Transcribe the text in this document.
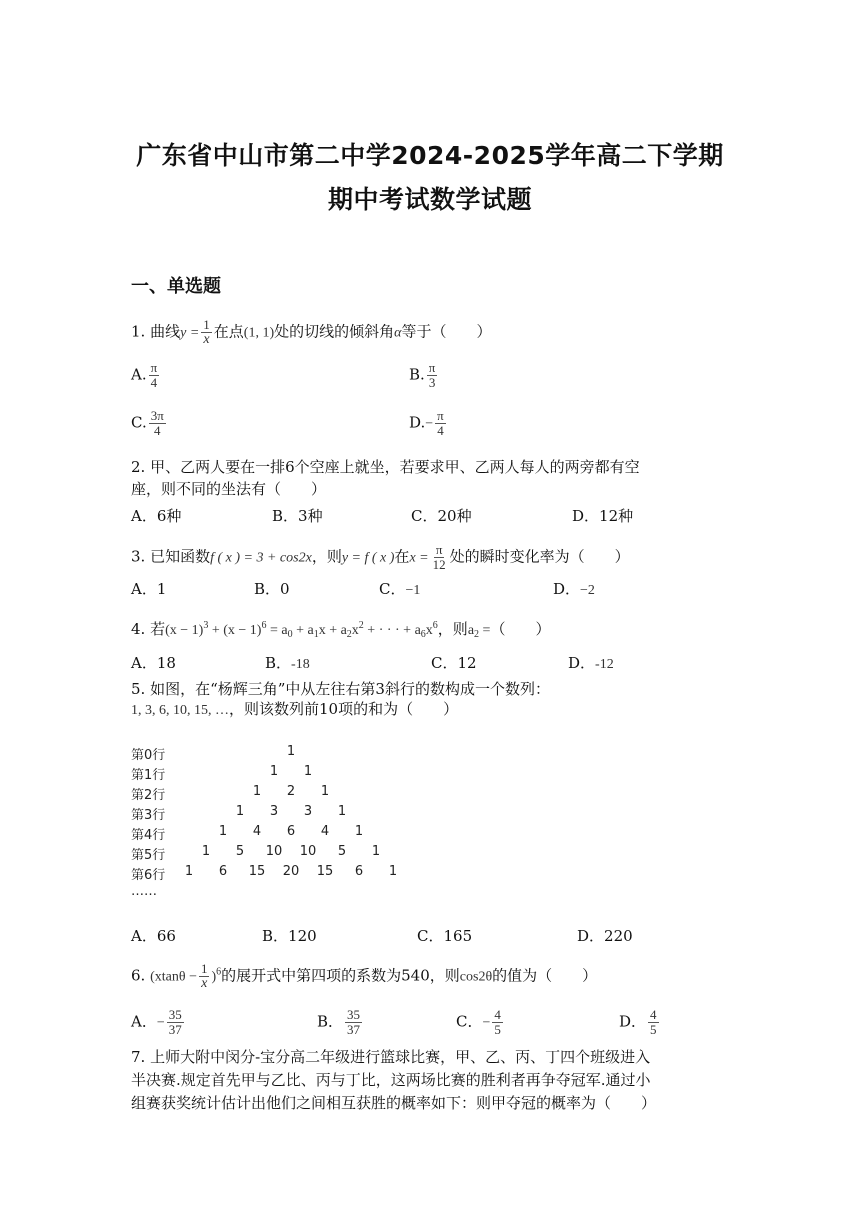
广东省中山市第二中学2024-2025学年高二下学期
期中考试数学试题
一、单选题
1. 曲线$y = \frac{1}{x}$ 在点(1, 1)处的切线的倾斜角α等于（　　）
A. $\frac{\pi}{4}$	B. $\frac{\pi}{3}$
C. $\frac{3\pi}{4}$	$D.- \frac{\pi}{4}$
2. 甲、乙两人要在一排6个空座上就坐，若要求甲、乙两人每人的两旁都有空
座，则不同的坐法有（　　）
A．6种	B．3种	C．20种	D．12种
3. 已知函数f ( x ) = 3 + cos2x，则y = f ( x )在$x = \frac{\pi}{12}$ 处的瞬时变化率为（　　）
A．1	B．0	C．−1	D．−2
4. 若$(x - 1)^3 + (x - 1)^6 = a_0 + a_1x + a_2x^2$ + · · · + $a_6x^6$，则$a_2$ =（　　）
A．18	B．-18	C．12	D．-12
5. 如图，在“杨辉三角”中从左往右第3斜行的数构成一个数列：
1, 3, 6, 10, 15, …，则该数列前10项的和为（　　）
第0行	1
第1行	1	1
第2行	1	2	1
第3行	1	3	3	1
第4行	1	4	6	4	1
第5行	1	5	10	10	5	1
第6行	1	6	15	20	15	6	1
……
A．66	B．120	C．165	D．220
6. $(xtan\theta - \frac{1}{x} )^6$的展开式中第四项的系数为540，则cos2θ的值为（　　）
A．− $\frac{35}{37}$	B． $\frac{35}{37}$	C．− $\frac{4}{5}$	D． $\frac{4}{5}$
7. 上师大附中闵分-宝分高二年级进行篮球比赛，甲、乙、丙、丁四个班级进入
半决赛.规定首先甲与乙比、丙与丁比，这两场比赛的胜利者再争夺冠军.通过小
组赛获奖统计估计出他们之间相互获胜的概率如下：则甲夺冠的概率为（　　）
